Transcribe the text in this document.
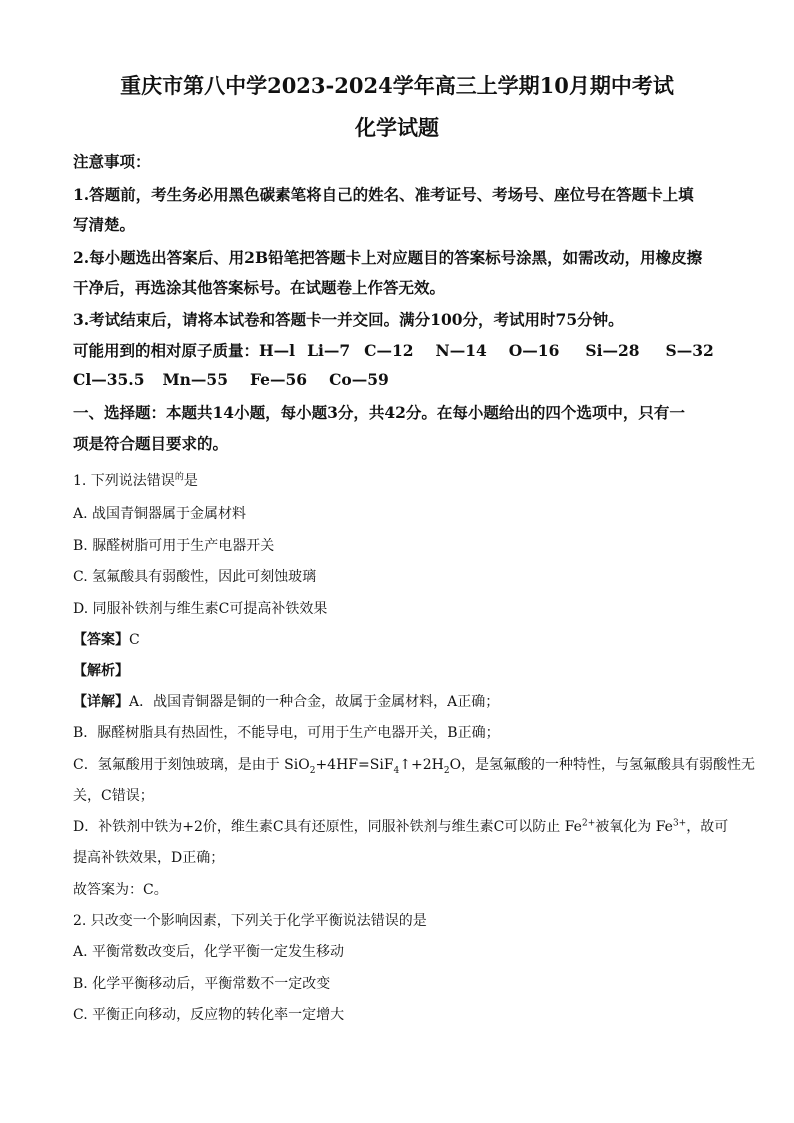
重庆市第八中学2023-2024学年高三上学期10月期中考试
化学试题
注意事项：
1.答题前，考生务必用黑色碳素笔将自己的姓名、准考证号、考场号、座位号在答题卡上填
写清楚。
2.每小题选出答案后、用2B铅笔把答题卡上对应题目的答案标号涂黑，如需改动，用橡皮擦
干净后，再选涂其他答案标号。在试题卷上作答无效。
3.考试结束后，请将本试卷和答题卡一并交回。满分100分，考试用时75分钟。
可能用到的相对原子质量：H—l Li—7 C—12 N—14 O—16 Si—28 S—32
Cl—35.5 Mn—55 Fe—56 Co—59
一、选择题：本题共14小题，每小题3分，共42分。在每小题给出的四个选项中，只有一
项是符合题目要求的。
1. 下列说法错误$^的$是
A. 战国青铜器属于金属材料
B. 脲醛树脂可用于生产电器开关
C. 氢氟酸具有弱酸性，因此可刻蚀玻璃
D. 同服补铁剂与维生素C可提高补铁效果
【答案】C
【解析】
【详解】A．战国青铜器是铜的一种合金，故属于金属材料，A正确；
B．脲醛树脂具有热固性，不能导电，可用于生产电器开关，B正确；
C．氢氟酸用于刻蚀玻璃，是由于 $SiO_2+4HF=SiF_4↑+2H_2O$，是氢氟酸的一种特性，与氢氟酸具有弱酸性无
关，C错误；
D．补铁剂中铁为+2价，维生素C具有还原性，同服补铁剂与维生素C可以防止 $Fe^{2+}$被氧化为 $Fe^{3+}$，故可
提高补铁效果，D正确；
故答案为：C。
2. 只改变一个影响因素，下列关于化学平衡说法错误的是
A. 平衡常数改变后，化学平衡一定发生移动
B. 化学平衡移动后，平衡常数不一定改变
C. 平衡正向移动，反应物的转化率一定增大
